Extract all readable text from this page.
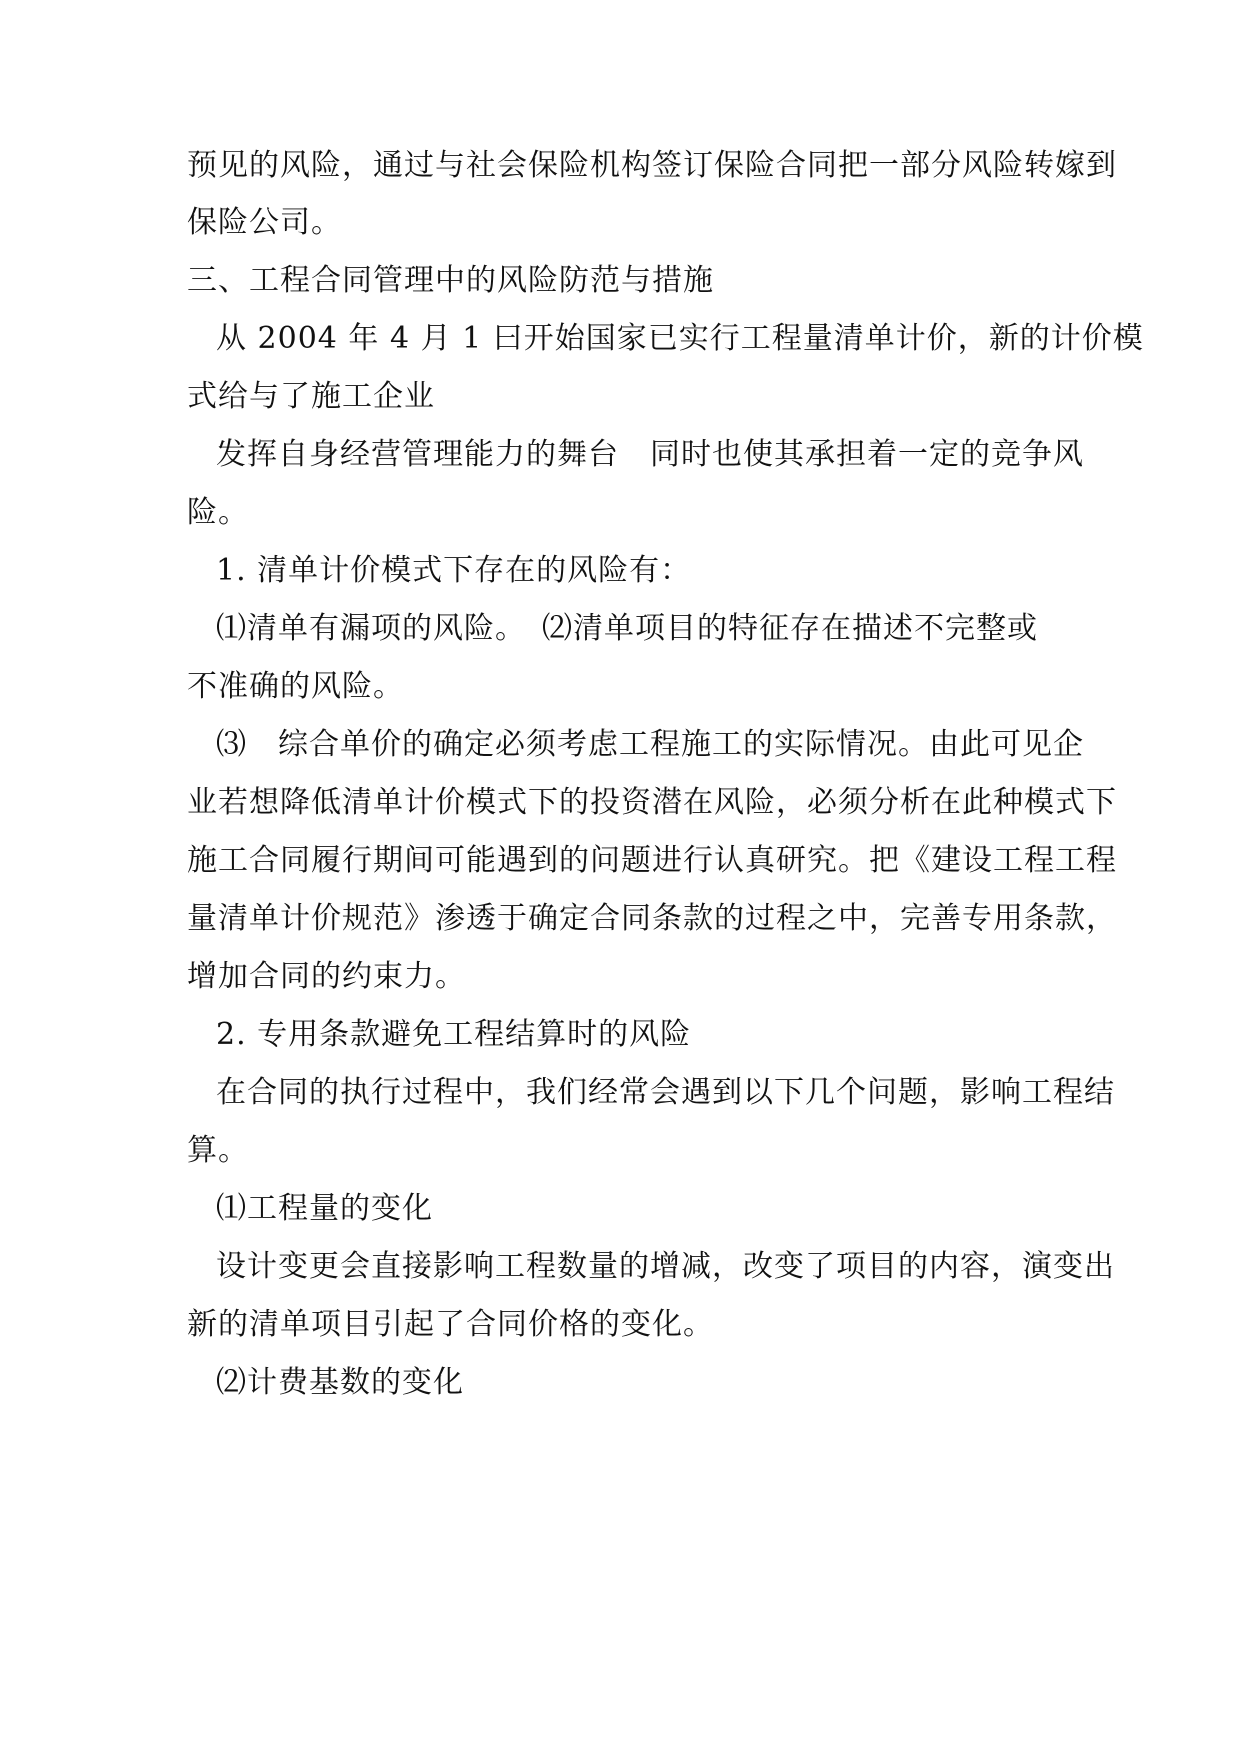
预见的风险，通过与社会保险机构签订保险合同把一部分风险转嫁到
保险公司。
三、工程合同管理中的风险防范与措施
从 2004 年 4 月 1 曰开始国家已实行工程量清单计价，新的计价模
式给与了施工企业
发挥自身经营管理能力的舞台　同时也使其承担着一定的竞争风
险。
1. 清单计价模式下存在的风险有：
⑴清单有漏项的风险。　⑵清单项目的特征存在描述不完整或
不准确的风险。
⑶　综合单价的确定必须考虑工程施工的实际情况。由此可见企
业若想降低清单计价模式下的投资潜在风险，必须分析在此种模式下
施工合同履行期间可能遇到的问题进行认真研究。把《建设工程工程
量清单计价规范》渗透于确定合同条款的过程之中，完善专用条款，
增加合同的约束力。
2. 专用条款避免工程结算时的风险
在合同的执行过程中，我们经常会遇到以下几个问题，影响工程结
算。
⑴工程量的变化
设计变更会直接影响工程数量的增减，改变了项目的内容，演变出
新的清单项目引起了合同价格的变化。
⑵计费基数的变化
